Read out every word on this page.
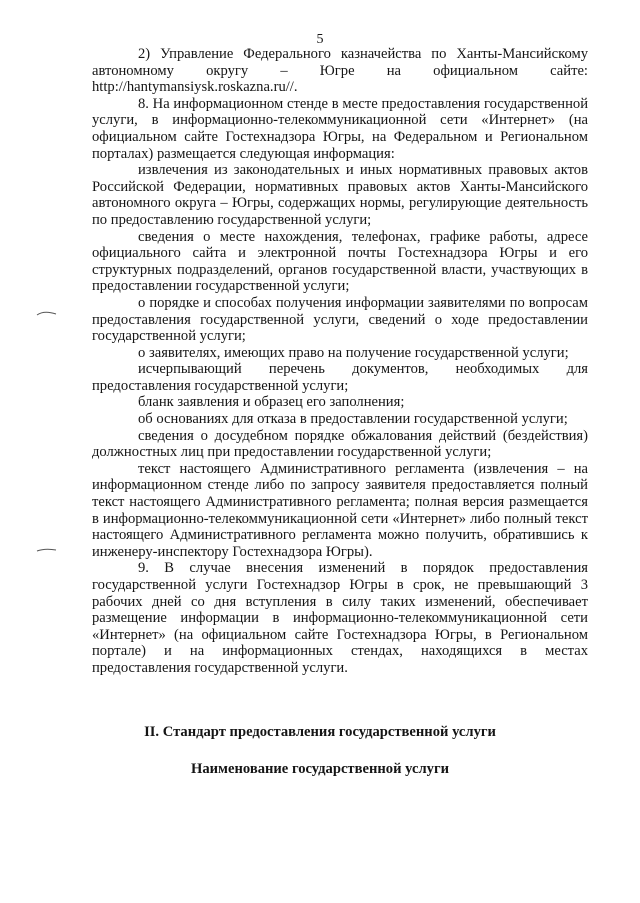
5

2) Управление Федерального казначейства по Ханты-Мансийскому автономному округу – Югре на официальном сайте: http://hantymansiysk.roskazna.ru//.

8. На информационном стенде в месте предоставления государственной услуги, в информационно-телекоммуникационной сети «Интернет» (на официальном сайте Гостехнадзора Югры, на Федеральном и Региональном порталах) размещается следующая информация:

извлечения из законодательных и иных нормативных правовых актов Российской Федерации, нормативных правовых актов Ханты-Мансийского автономного округа – Югры, содержащих нормы, регулирующие деятельность по предоставлению государственной услуги;

сведения о месте нахождения, телефонах, графике работы, адресе официального сайта и электронной почты Гостехнадзора Югры и его структурных подразделений, органов государственной власти, участвующих в предоставлении государственной услуги;

о порядке и способах получения информации заявителями по вопросам предоставления государственной услуги, сведений о ходе предоставлении государственной услуги;

о заявителях, имеющих право на получение государственной услуги;

исчерпывающий перечень документов, необходимых для предоставления государственной услуги;

бланк заявления и образец его заполнения;

об основаниях для отказа в предоставлении государственной услуги;

сведения о досудебном порядке обжалования действий (бездействия) должностных лиц при предоставлении государственной услуги;

текст настоящего Административного регламента (извлечения – на информационном стенде либо по запросу заявителя предоставляется полный текст настоящего Административного регламента; полная версия размещается в информационно-телекоммуникационной сети «Интернет» либо полный текст настоящего Административного регламента можно получить, обратившись к инженеру-инспектору Гостехнадзора Югры).

9. В случае внесения изменений в порядок предоставления государственной услуги Гостехнадзор Югры в срок, не превышающий 3 рабочих дней со дня вступления в силу таких изменений, обеспечивает размещение информации в информационно-телекоммуникационной сети «Интернет» (на официальном сайте Гостехнадзора Югры, в Региональном портале) и на информационных стендах, находящихся в местах предоставления государственной услуги.

II. Стандарт предоставления государственной услуги
Наименование государственной услуги
